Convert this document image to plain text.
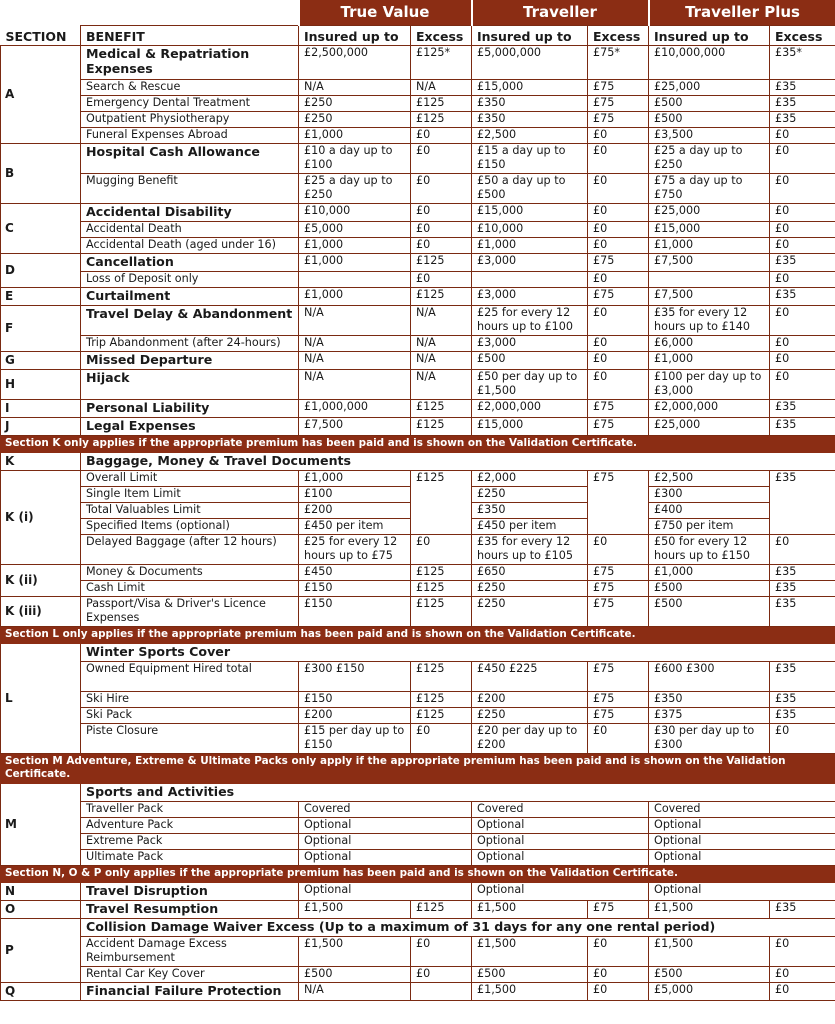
		True Value		Traveller		Traveller Plus	
SECTION	BENEFIT	Insured up to	Excess	Insured up to	Excess	Insured up to	Excess
A	Medical & Repatriation Expenses	£2,500,000	£125*	£5,000,000	£75*	£10,000,000	£35*
	Search & Rescue	N/A	N/A	£15,000	£75	£25,000	£35
	Emergency Dental Treatment	£250	£125	£350	£75	£500	£35
	Outpatient Physiotherapy	£250	£125	£350	£75	£500	£35
	Funeral Expenses Abroad	£1,000	£0	£2,500	£0	£3,500	£0
B	Hospital Cash Allowance	£10 a day up to £100	£0	£15 a day up to £150	£0	£25 a day up to £250	£0
	Mugging Benefit	£25 a day up to £250	£0	£50 a day up to £500	£0	£75 a day up to £750	£0
C	Accidental Disability	£10,000	£0	£15,000	£0	£25,000	£0
	Accidental Death	£5,000	£0	£10,000	£0	£15,000	£0
	Accidental Death (aged under 16)	£1,000	£0	£1,000	£0	£1,000	£0
D	Cancellation	£1,000	£125	£3,000	£75	£7,500	£35
	Loss of Deposit only		£0		£0		£0
E	Curtailment	£1,000	£125	£3,000	£75	£7,500	£35
F	Travel Delay & Abandonment	N/A	N/A	£25 for every 12 hours up to £100	£0	£35 for every 12 hours up to £140	£0
	Trip Abandonment (after 24-hours)	N/A	N/A	£3,000	£0	£6,000	£0
G	Missed Departure	N/A	N/A	£500	£0	£1,000	£0
H	Hijack	N/A	N/A	£50 per day up to £1,500	£0	£100 per day up to £3,000	£0
I	Personal Liability	£1,000,000	£125	£2,000,000	£75	£2,000,000	£35
J	Legal Expenses	£7,500	£125	£15,000	£75	£25,000	£35
Section K only applies if the appropriate premium has been paid and is shown on the Validation Certificate.							
K	Baggage, Money & Travel Documents						
K (i)	Overall Limit	£1,000	£125	£2,000	£75	£2,500	£35
	Single Item Limit	£100		£250		£300	
	Total Valuables Limit	£200		£350		£400	
	Specified Items (optional)	£450 per item		£450 per item		£750 per item	
	Delayed Baggage (after 12 hours)	£25 for every 12 hours up to £75	£0	£35 for every 12 hours up to £105	£0	£50 for every 12 hours up to £150	£0
K (ii)	Money & Documents	£450	£125	£650	£75	£1,000	£35
	Cash Limit	£150	£125	£250	£75	£500	£35
K (iii)	Passport/Visa & Driver's Licence Expenses	£150	£125	£250	£75	£500	£35
Section L only applies if the appropriate premium has been paid and is shown on the Validation Certificate.							
L	Winter Sports Cover						
	Owned Equipment Hired total	£300 £150	£125	£450 £225	£75	£600 £300	£35
	Ski Hire	£150	£125	£200	£75	£350	£35
	Ski Pack	£200	£125	£250	£75	£375	£35
	Piste Closure	£15 per day up to £150	£0	£20 per day up to £200	£0	£30 per day up to £300	£0
Section M Adventure, Extreme & Ultimate Packs only apply if the appropriate premium has been paid and is shown on the Validation Certificate.							
M	Sports and Activities						
	Traveller Pack	Covered		Covered		Covered	
	Adventure Pack	Optional		Optional		Optional	
	Extreme Pack	Optional		Optional		Optional	
	Ultimate Pack	Optional		Optional		Optional	
Section N, O & P only applies if the appropriate premium has been paid and is shown on the Validation Certificate.							
N	Travel Disruption	Optional		Optional		Optional	
O	Travel Resumption	£1,500	£125	£1,500	£75	£1,500	£35
P	Collision Damage Waiver Excess (Up to a maximum of 31 days for any one rental period)						
	Accident Damage Excess Reimbursement	£1,500	£0	£1,500	£0	£1,500	£0
	Rental Car Key Cover	£500	£0	£500	£0	£500	£0
Q	Financial Failure Protection	N/A		£1,500	£0	£5,000	£0
